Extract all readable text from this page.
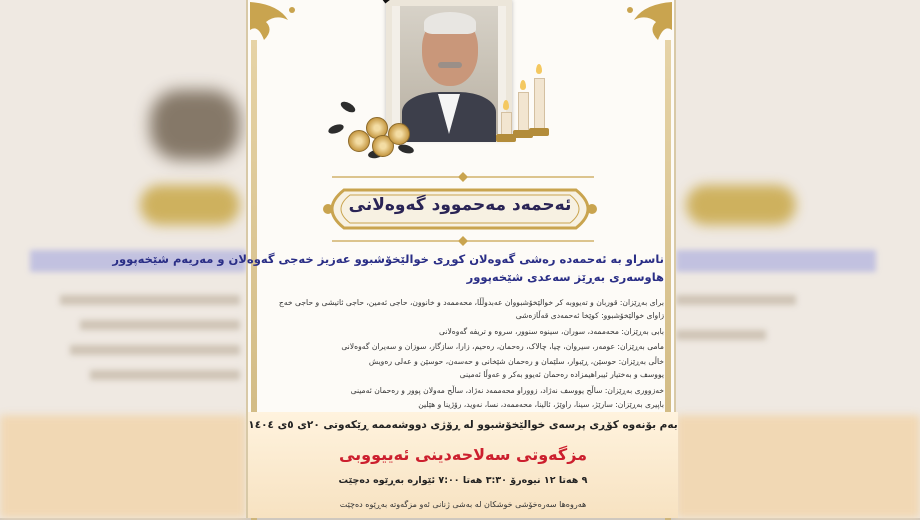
ئەحمەد مەحموود گەوەلانی
ناسراو بە ئەحمەدە رەشی گەوەلان کوڕی خوالێخۆشبوو عەزیز خەجی گەوەلان و مەریەم شێخەپوور
هاوسەری بەڕێز سەعدی شێخەپوور
برای بەڕێزان: قوربان و تەیووبە کر خوالێخۆشبووان عەبدوڵڵا، محەممەد و خانوون، حاجی ئەمین، حاجی ئاتیشی و حاجی خەج
زاوای خوالێخۆشبوو: کوێخا ئەحمەدی قەڵازەشی
بابی بەڕێزان: محەممەد، سوران، سینوە سنوور، سروە و تریفە گەوەلانی
مامی بەڕێزان: عومەر، سیروان، چیا، چالاک، رەحمان، رەحیم، زارا، سازگار، سوزان و سەیران گەوەلانی
خاڵی بەڕێزان: حوسێن، ڕێبوار، سلێمان و رەحمان شێخانی و حەسەن، حوسێن و عەلی رەویش
یووسف و بەختیار ئیبراهیمزادە رەحمان ئەیوو بەکر و عەوڵا ئەمینی
خەزووری بەڕێزان: ساڵح یووسف نەژاد، زووراو محەممەد نەژاد، ساڵح مەولان پوور و رەحمان ئەمینی
باپیری بەڕێزان: سارێژ، سینا، راوێژ، ئالینا، محەممەد، نسا، نەوید، رۆژینا و هێلین
بەم بۆنەوە کۆڕی پرسەی خوالێخۆشبوو لە ڕۆژی دووشەممە ڕێکەوتی ٢٠ی ٥ی ١٤٠٤
مزگەوتی سەلاحەدینی ئەییووبی
٩ هەتا ١٢ نیوەرۆ ٣:٣٠ هەتا ٧:٠٠ ئێوارە بەڕێوە دەچێت
هەروەها سەرەخۆشی خوشکان لە بەشی ژنانی ئەو مزگەوتە بەڕێوە دەچێت
